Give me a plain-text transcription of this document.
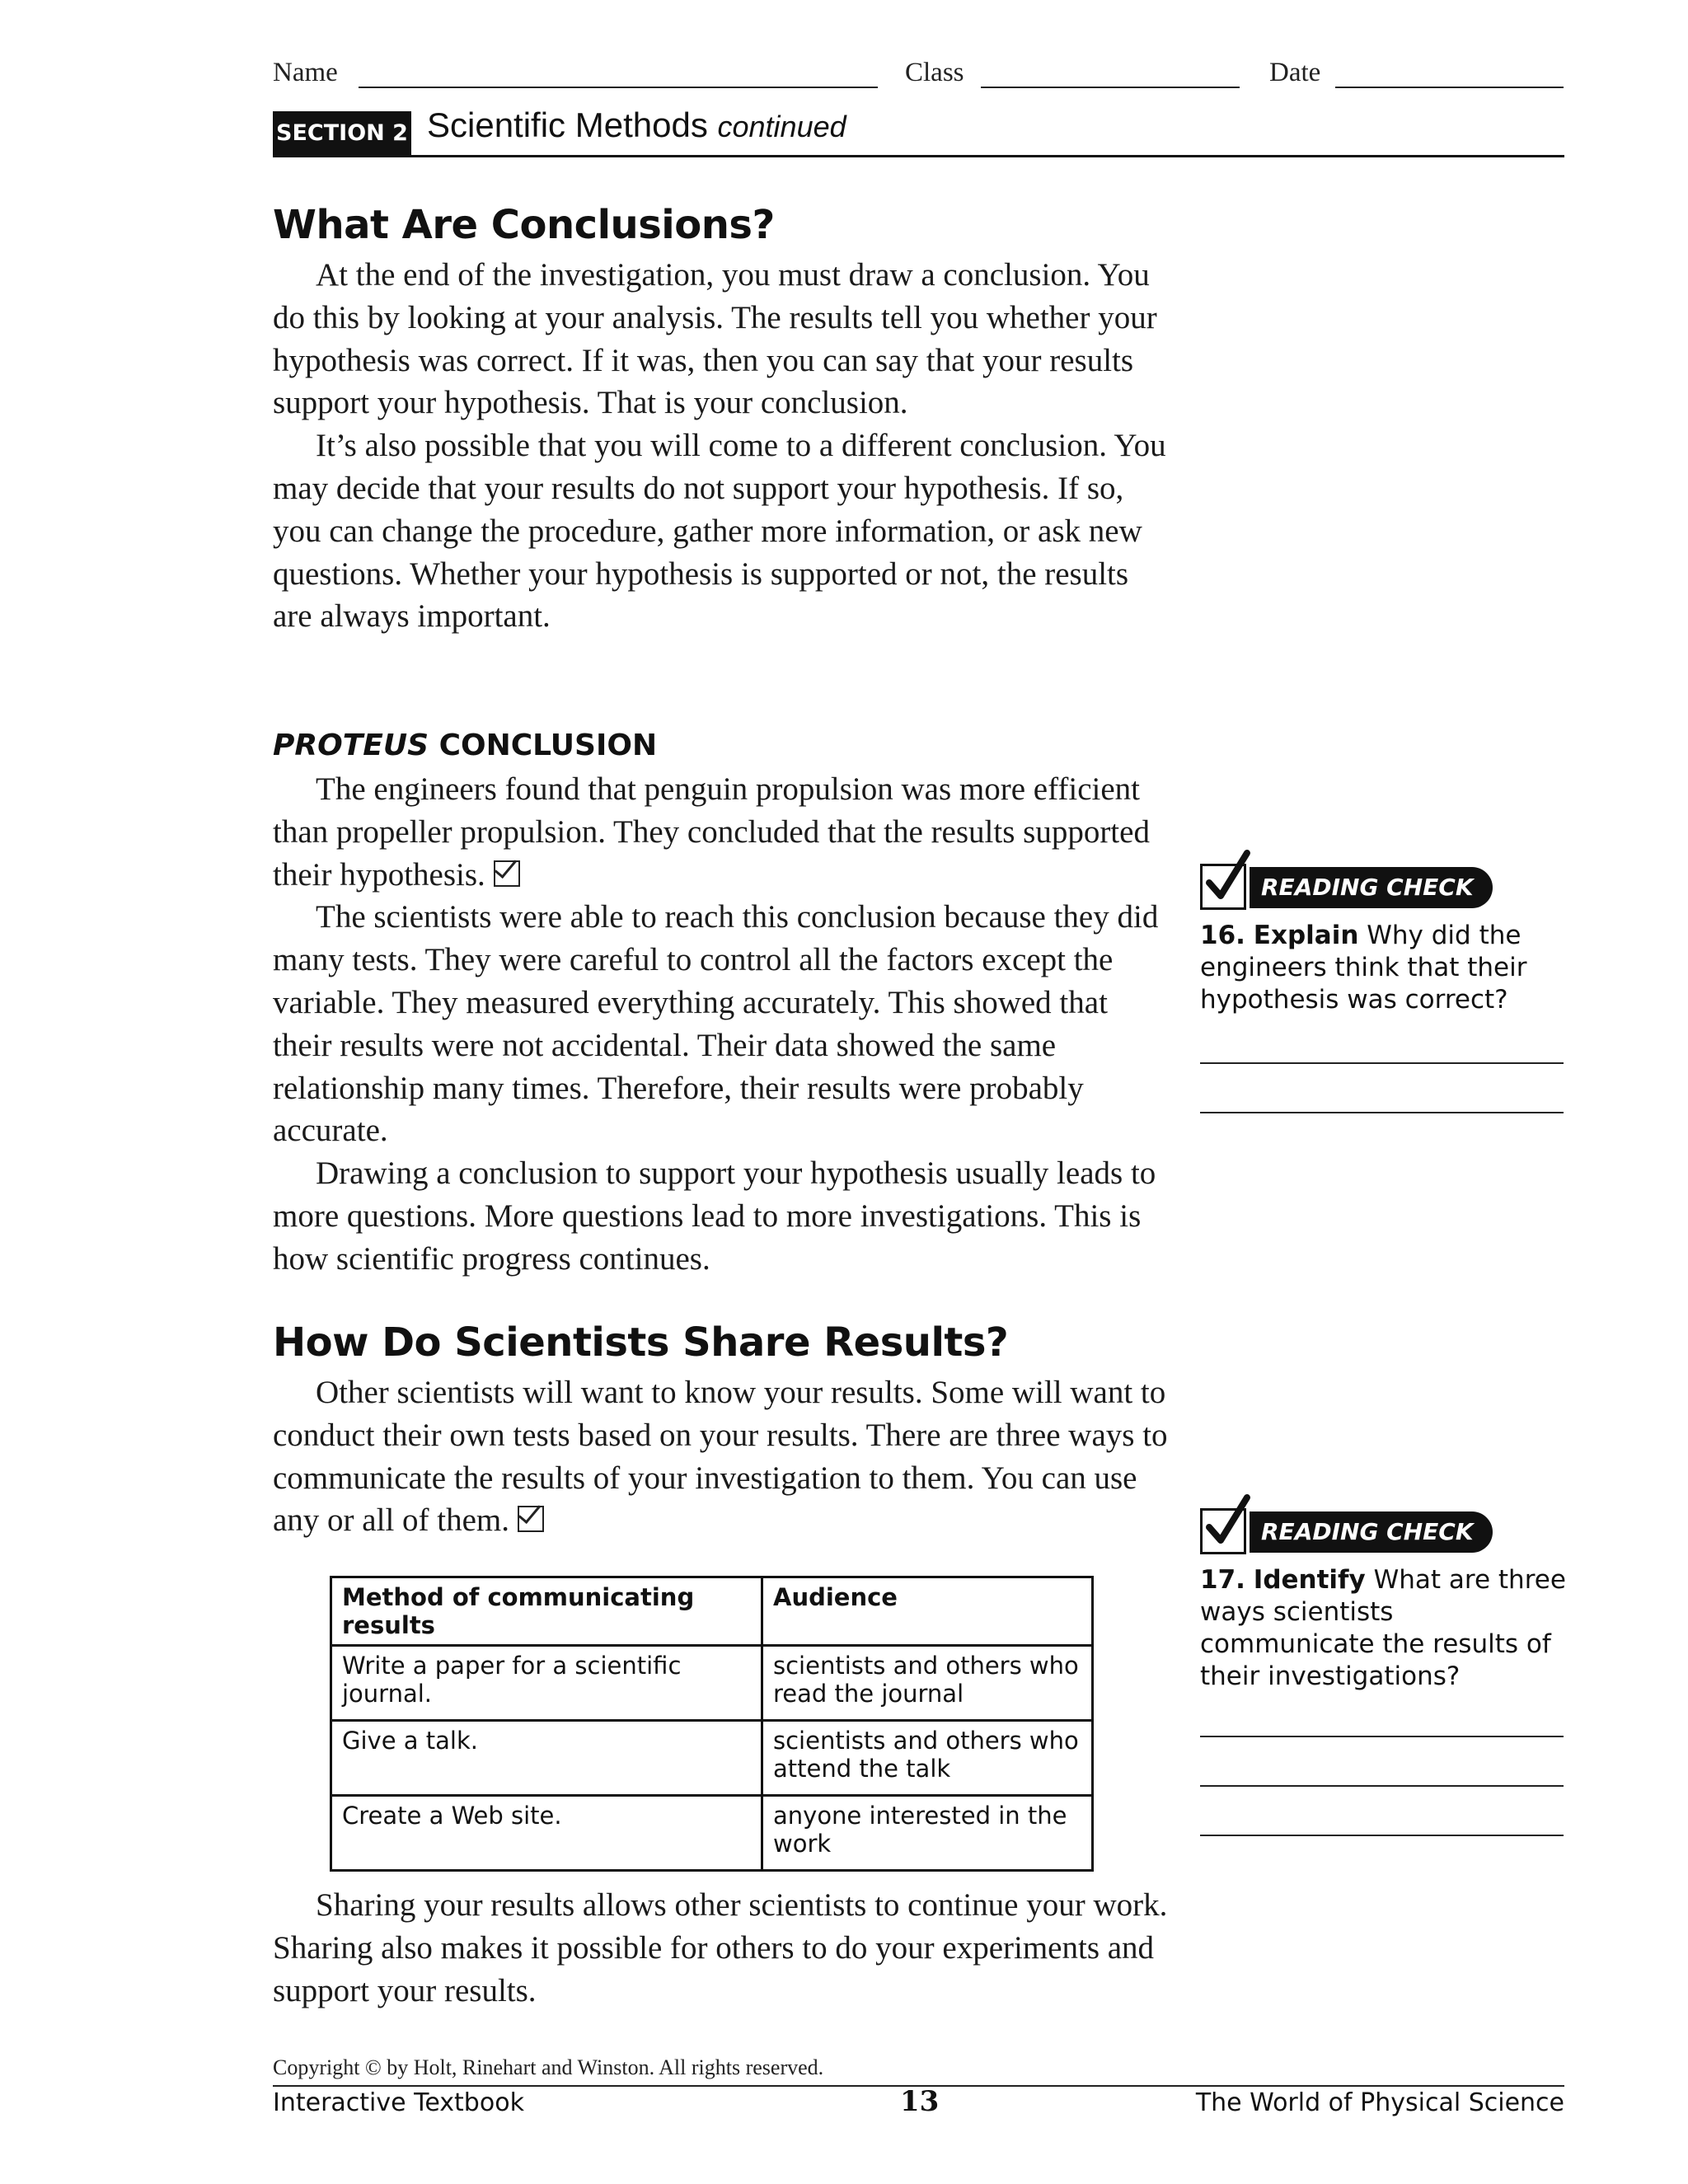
Name	Class	Date
SECTION 2 Scientific Methods continued
What Are Conclusions?

At the end of the investigation, you must draw a conclusion. You do this by looking at your analysis. The results tell you whether your hypothesis was correct. If it was, then you can say that your results support your hypothesis. That is your conclusion.

It’s also possible that you will come to a different conclusion. You may decide that your results do not support your hypothesis. If so, you can change the procedure, gather more information, or ask new questions. Whether your hypothesis is supported or not, the results are always important.

PROTEUS CONCLUSION

The engineers found that penguin propulsion was more efficient than propeller propulsion. They concluded that the results supported their hypothesis.

The scientists were able to reach this conclusion because they did many tests. They were careful to control all the factors except the variable. They measured everything accurately. This showed that their results were not accidental. Their data showed the same relationship many times. Therefore, their results were probably accurate.

Drawing a conclusion to support your hypothesis usually leads to more questions. More questions lead to more investigations. This is how scientific progress continues.

How Do Scientists Share Results?

Other scientists will want to know your results. Some will want to conduct their own tests based on your results. There are three ways to communicate the results of your investigation to them. You can use any or all of them.

Method of communicating results	Audience
Write a paper for a scientific journal.	scientists and others who read the journal
Give a talk.	scientists and others who attend the talk
Create a Web site.	anyone interested in the work

Sharing your results allows other scientists to continue your work. Sharing also makes it possible for others to do your experiments and support your results.

READING CHECK
16. Explain Why did the engineers think that their hypothesis was correct?
READING CHECK
17. Identify What are three ways scientists communicate the results of their investigations?
Copyright © by Holt, Rinehart and Winston. All rights reserved.
Interactive Textbook	13	The World of Physical Science
